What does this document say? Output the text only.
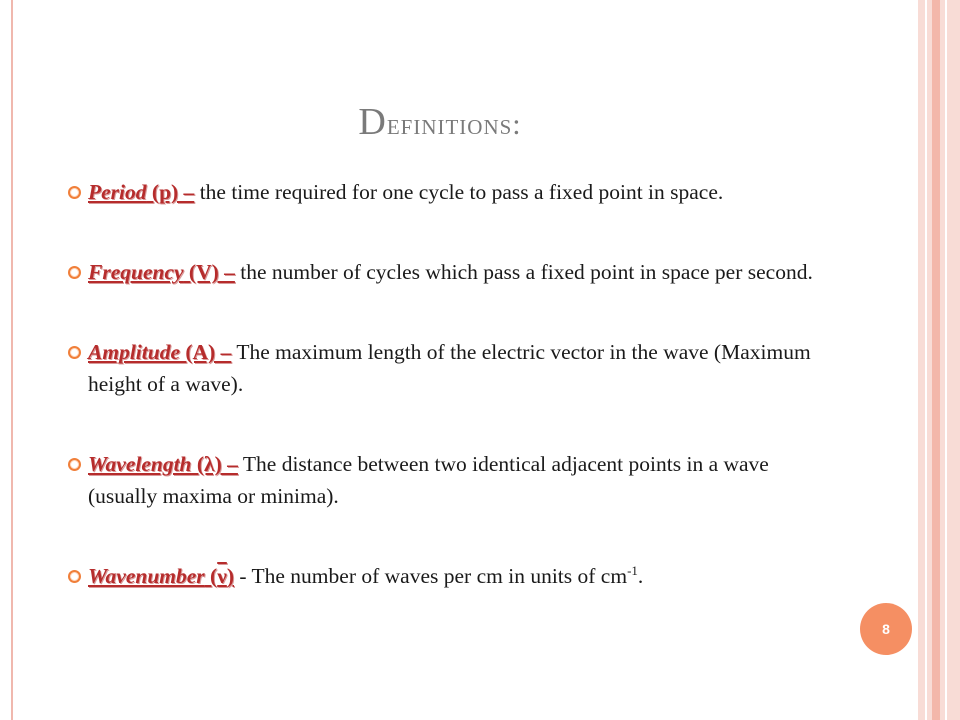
Definitions:
Period (p) – the time required for one cycle to pass a fixed point in space.
Frequency (V) – the number of cycles which pass a fixed point in space per second.
Amplitude (A) – The maximum length of the electric vector in the wave (Maximum height of a wave).
Wavelength (λ) – The distance between two identical adjacent points in a wave (usually maxima or minima).
Wavenumber (ν) - The number of waves per cm in units of $cm^{-1}$.
8
